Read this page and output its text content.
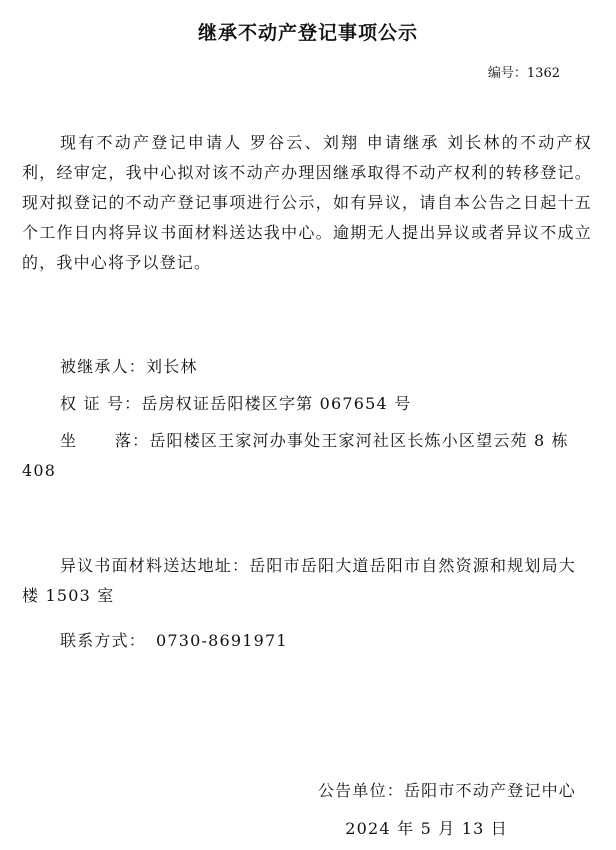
继承不动产登记事项公示
编号：1362

现有不动产登记申请人 罗谷云、刘翔 申请继承 刘长林的不动产权利，经审定，我中心拟对该不动产办理因继承取得不动产权利的转移登记。现对拟登记的不动产登记事项进行公示，如有异议，请自本公告之日起十五个工作日内将异议书面材料送达我中心。逾期无人提出异议或者异议不成立的，我中心将予以登记。

被继承人：刘长林
权 证 号：岳房权证岳阳楼区字第 067654 号
坐      落：岳阳楼区王家河办事处王家河社区长炼小区望云苑 8 栋 408

异议书面材料送达地址：岳阳市岳阳大道岳阳市自然资源和规划局大楼 1503 室

联系方式： 0730-8691971
公告单位：岳阳市不动产登记中心
2024 年 5 月 13 日
